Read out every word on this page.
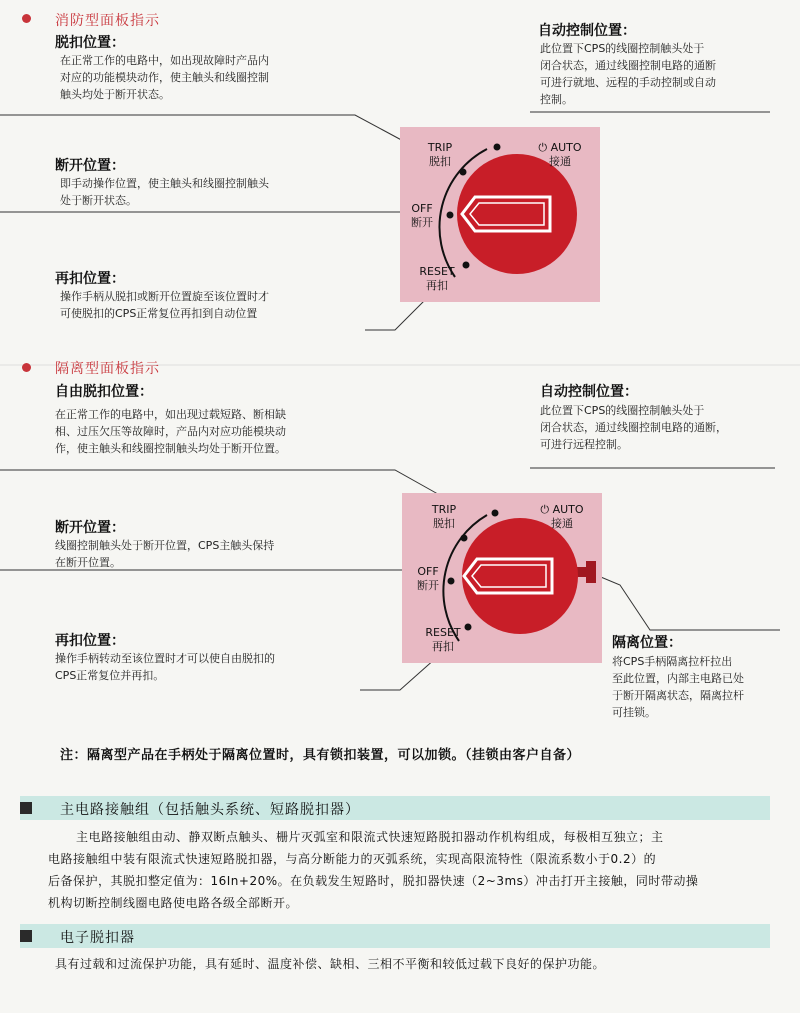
消防型面板指示
脱扣位置：
在正常工作的电路中，如出现故障时产品内
对应的功能模块动作，使主触头和线圈控制
触头均处于断开状态。
断开位置：
即手动操作位置，使主触头和线圈控制触头
处于断开状态。
再扣位置：
操作手柄从脱扣或断开位置旋至该位置时才
可使脱扣的CPS正常复位再扣到自动位置
自动控制位置：
此位置下CPS的线圈控制触头处于
闭合状态，通过线圈控制电路的通断
可进行就地、远程的手动控制或自动
控制。
TRIP
脱扣
⏻ AUTO
接通
OFF
断开
RESET
再扣
隔离型面板指示
自由脱扣位置：
在正常工作的电路中，如出现过载短路、断相缺
相、过压欠压等故障时，产品内对应功能模块动
作，使主触头和线圈控制触头均处于断开位置。
断开位置：
线圈控制触头处于断开位置，CPS主触头保持
在断开位置。
再扣位置：
操作手柄转动至该位置时才可以使自由脱扣的
CPS正常复位并再扣。
自动控制位置：
此位置下CPS的线圈控制触头处于
闭合状态，通过线圈控制电路的通断，
可进行远程控制。
隔离位置：
将CPS手柄隔离拉杆拉出
至此位置，内部主电路已处
于断开隔离状态，隔离拉杆
可挂锁。
TRIP
脱扣
⏻ AUTO
接通
OFF
断开
RESET
再扣
注：隔离型产品在手柄处于隔离位置时，具有锁扣装置，可以加锁。（挂锁由客户自备）
主电路接触组（包括触头系统、短路脱扣器）
主电路接触组由动、静双断点触头、栅片灭弧室和限流式快速短路脱扣器动作机构组成，每极相互独立；主
电路接触组中装有限流式快速短路脱扣器，与高分断能力的灭弧系统，实现高限流特性（限流系数小于0.2）的
后备保护，其脱扣整定值为：16In+20%。在负载发生短路时，脱扣器快速（2~3ms）冲击打开主接触，同时带动操
机构切断控制线圈电路使电路各级全部断开。
电子脱扣器
具有过载和过流保护功能，具有延时、温度补偿、缺相、三相不平衡和较低过载下良好的保护功能。
